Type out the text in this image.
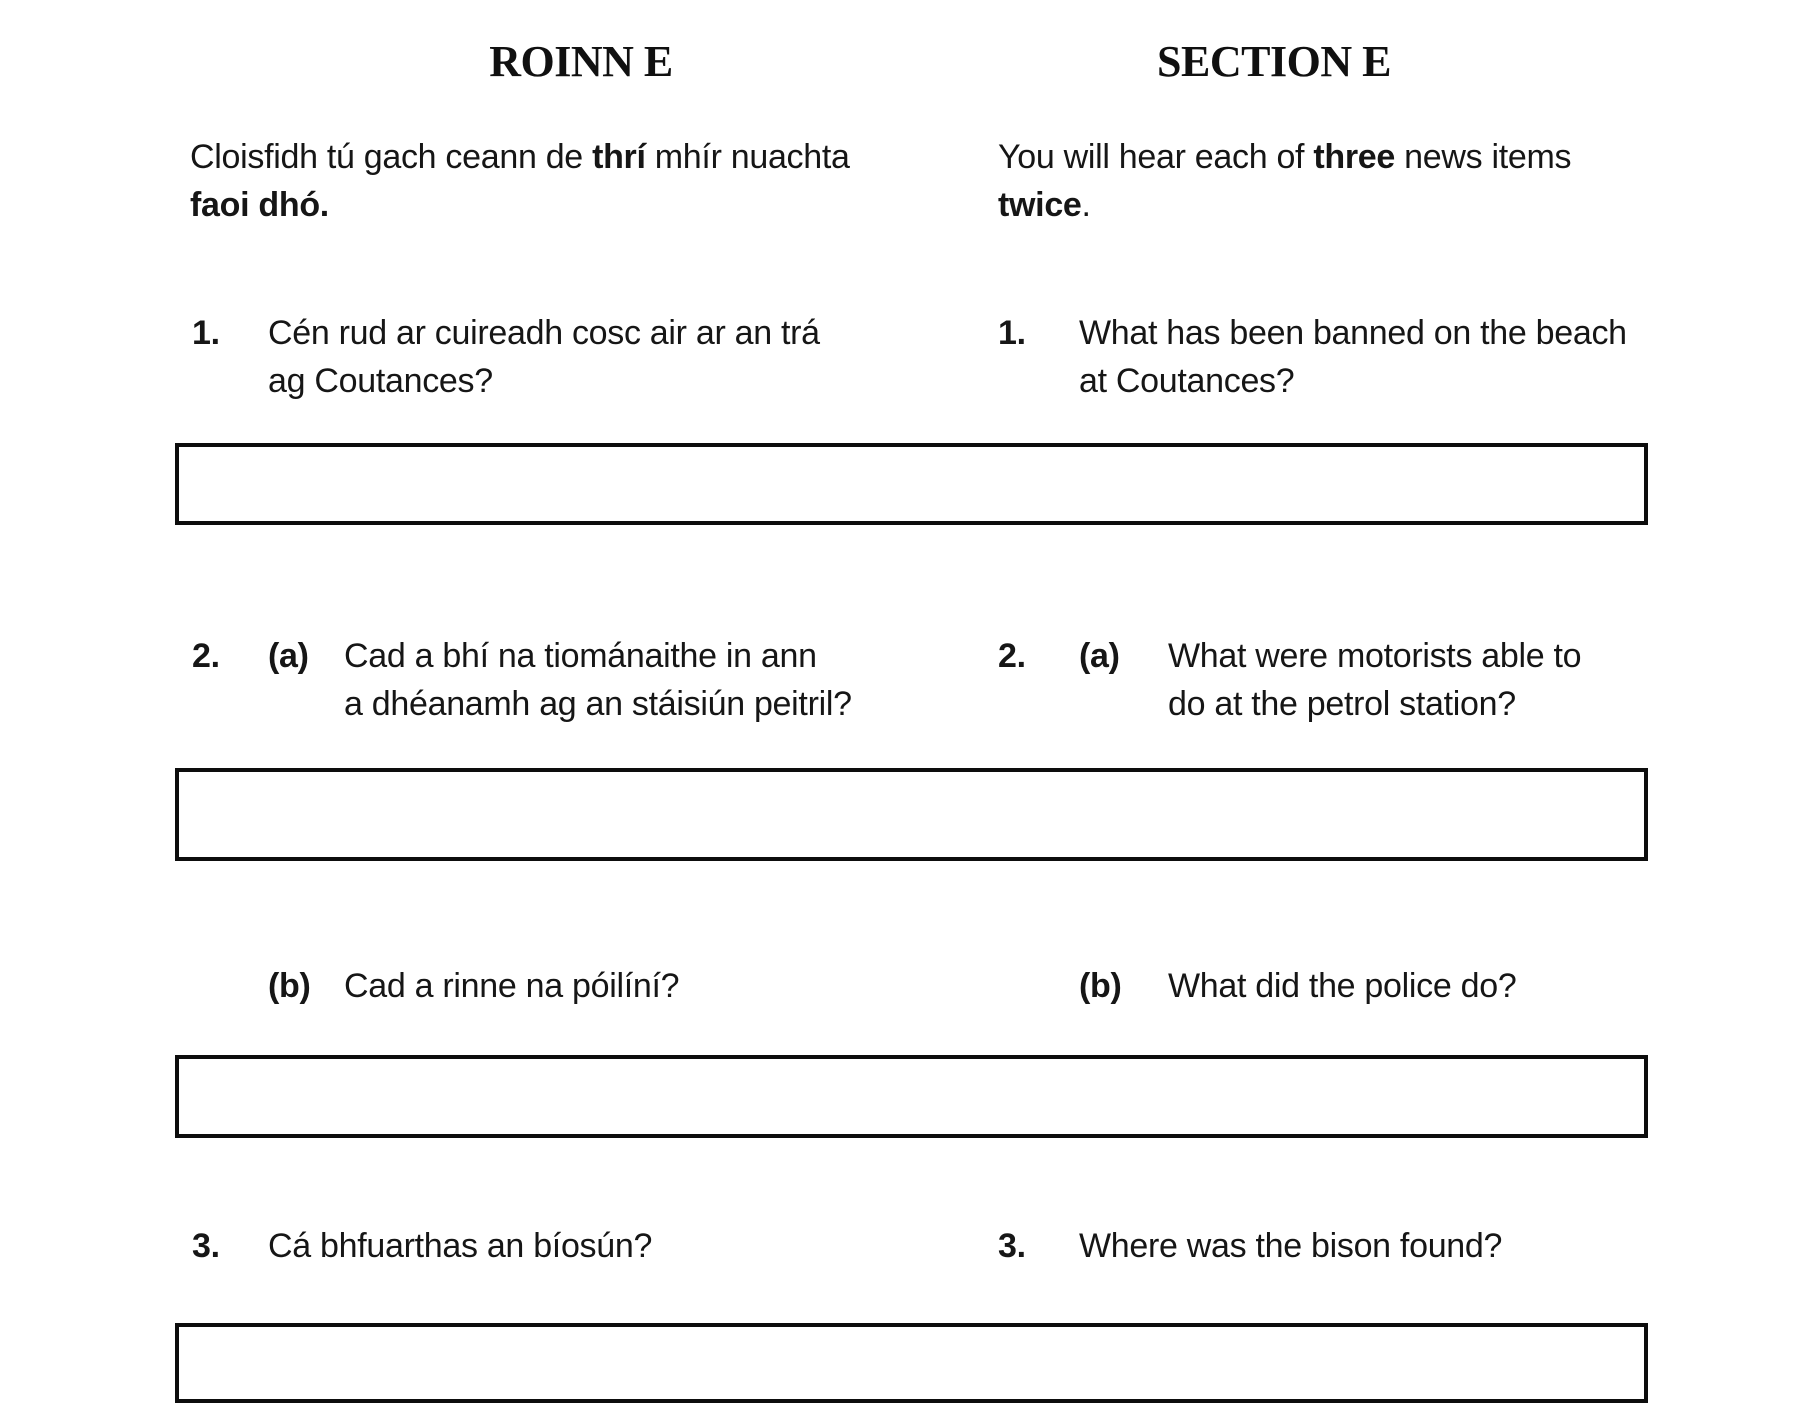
ROINN E	SECTION E
Cloisfidh tú gach ceann de thrí mhír nuachta
faoi dhó.
You will hear each of three news items
twice.
1. Cén rud ar cuireadh cosc air ar an trá
ag Coutances?
1. What has been banned on the beach
at Coutances?
2. (a) Cad a bhí na tiománaithe in ann
a dhéanamh ag an stáisiún peitril?
2. (a) What were motorists able to
do at the petrol station?
(b) Cad a rinne na póilíní?	(b) What did the police do?
3. Cá bhfuarthas an bíosún?	3. Where was the bison found?
